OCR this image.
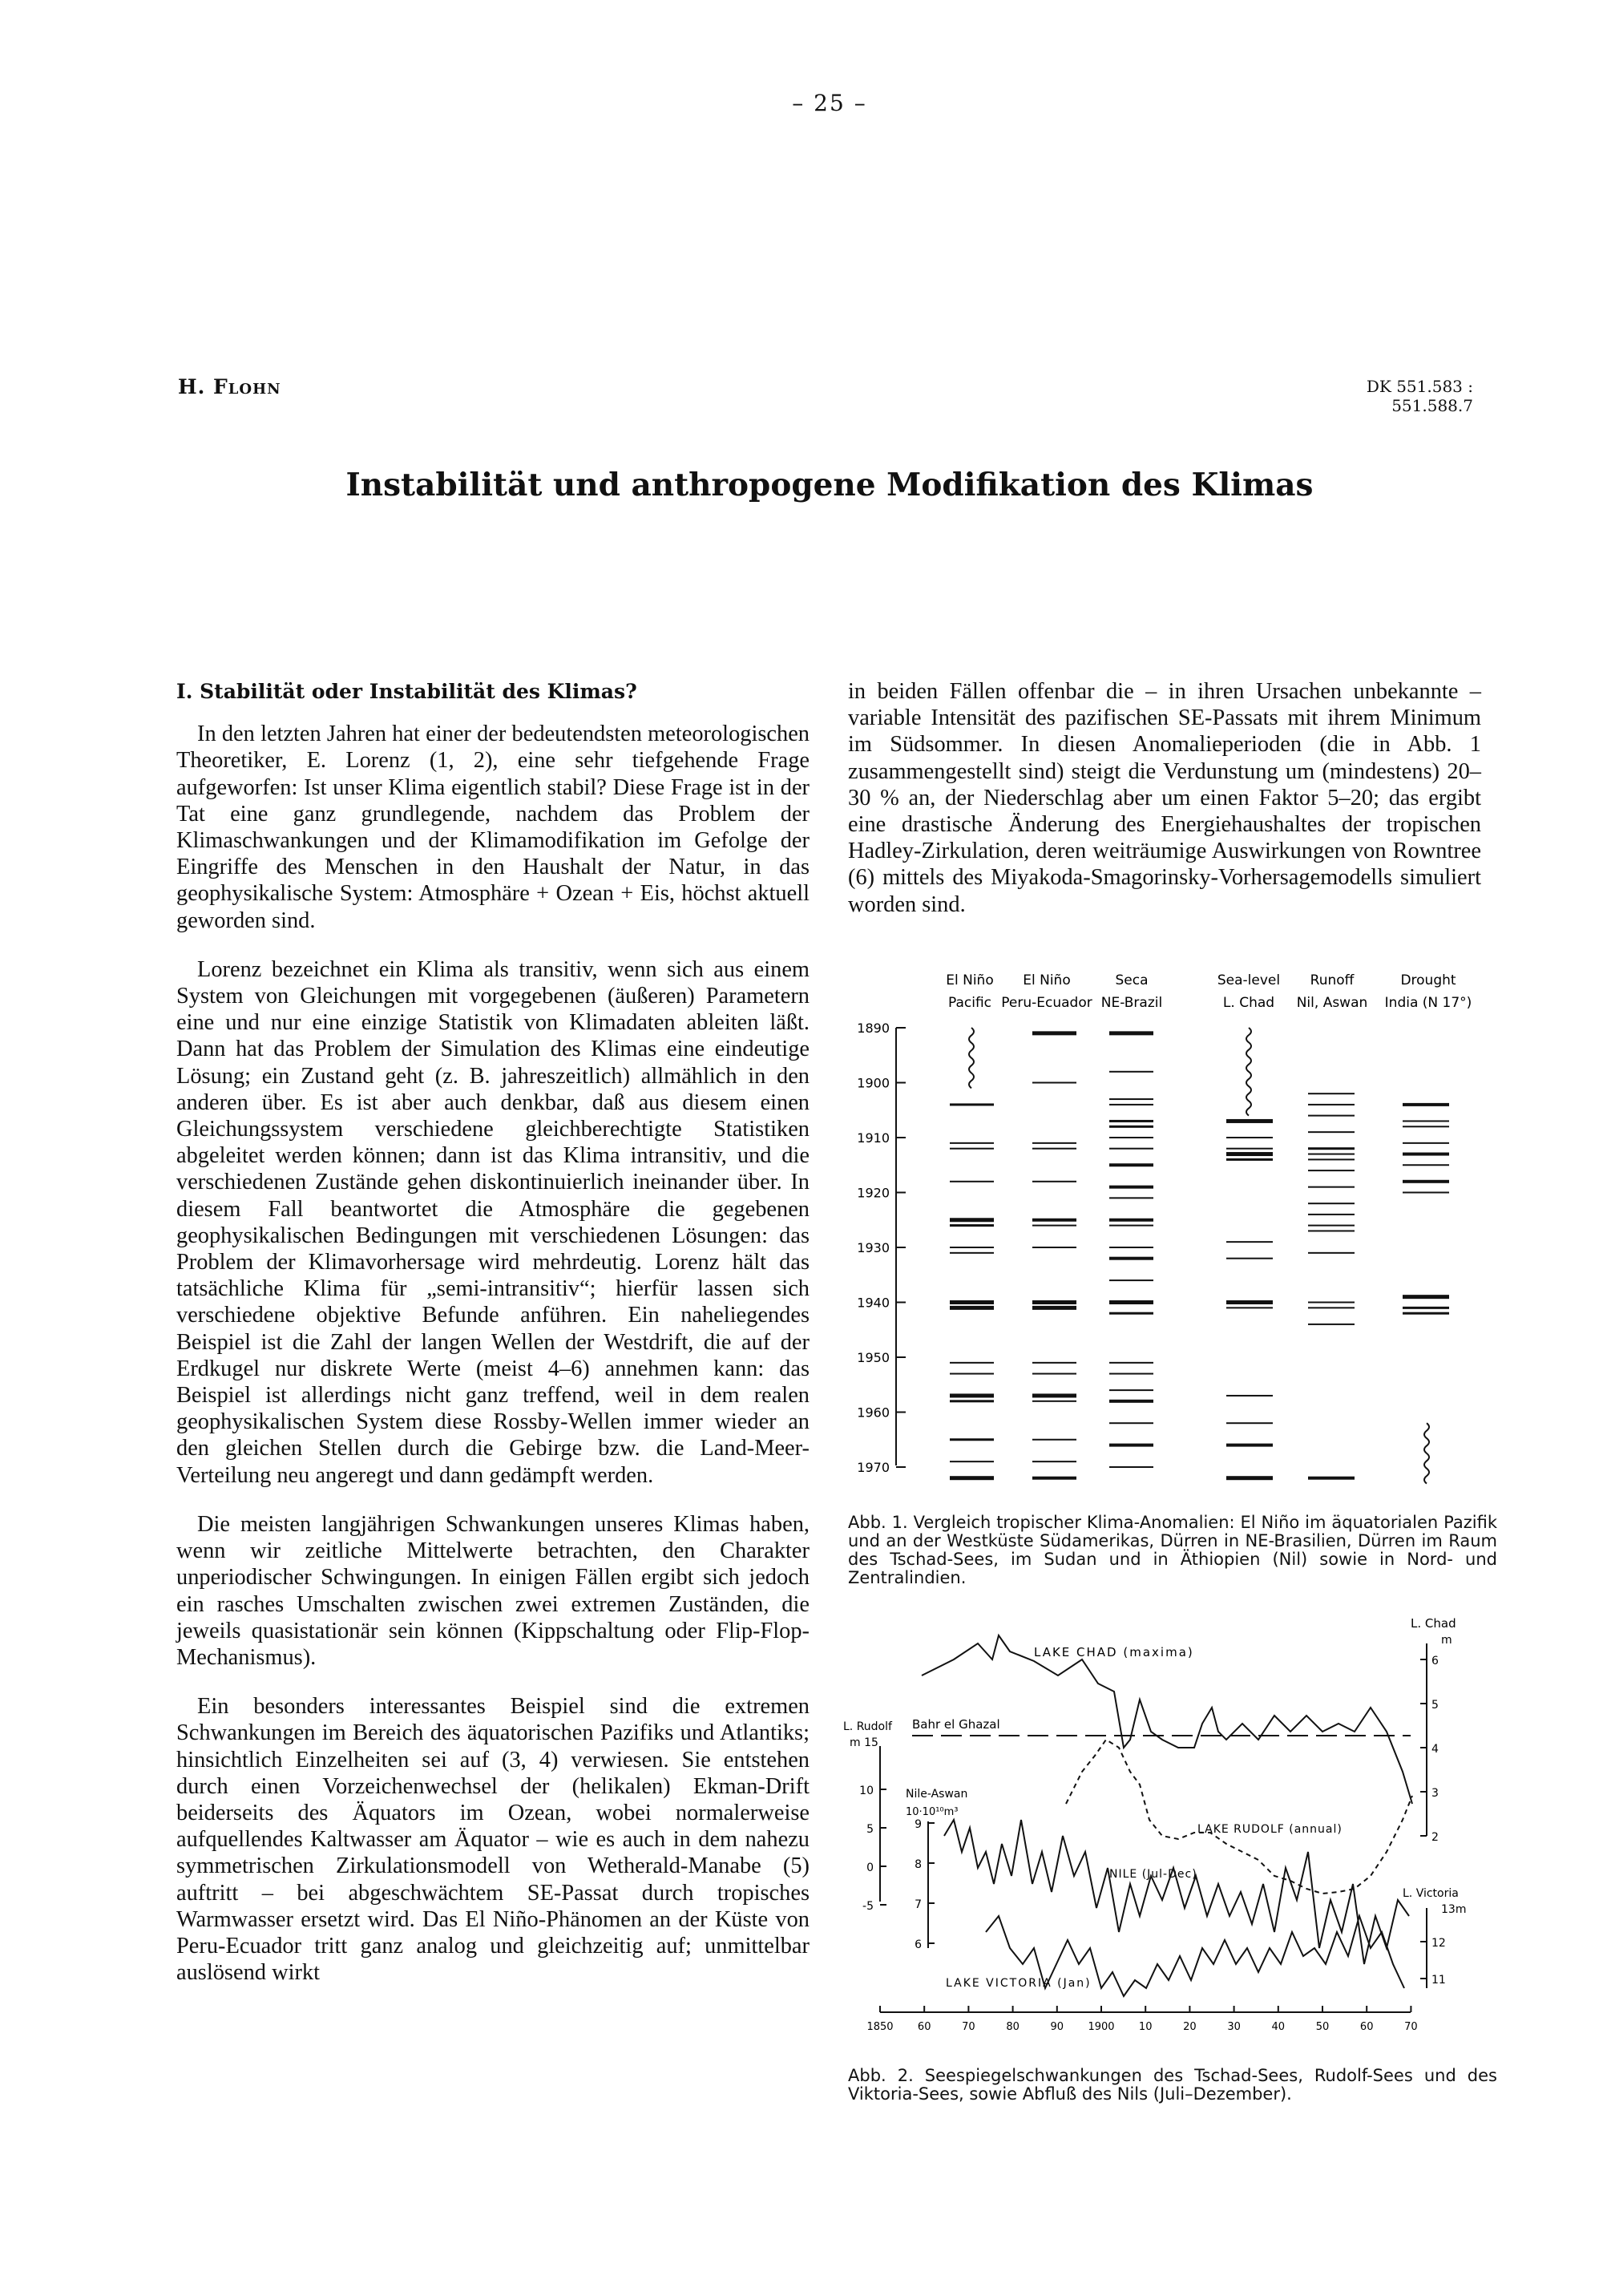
– 25 –
H. Flohn	DK 551.583 : 551.588.7
Instabilität und anthropogene Modifikation des Klimas
I. Stabilität oder Instabilität des Klimas?

In den letzten Jahren hat einer der bedeutendsten meteorologischen Theoretiker, E. Lorenz (1, 2), eine sehr tiefgehende Frage aufgeworfen: Ist unser Klima eigentlich stabil? Diese Frage ist in der Tat eine ganz grundlegende, nachdem das Problem der Klimaschwankungen und der Klimamodifikation im Gefolge der Eingriffe des Menschen in den Haushalt der Natur, in das geophysikalische System: Atmosphäre + Ozean + Eis, höchst aktuell geworden sind.

Lorenz bezeichnet ein Klima als transitiv, wenn sich aus einem System von Gleichungen mit vorgegebenen (äußeren) Parametern eine und nur eine einzige Statistik von Klimadaten ableiten läßt. Dann hat das Problem der Simulation des Klimas eine eindeutige Lösung; ein Zustand geht (z. B. jahreszeitlich) allmählich in den anderen über. Es ist aber auch denkbar, daß aus diesem einen Gleichungssystem verschiedene gleichberechtigte Statistiken abgeleitet werden können; dann ist das Klima intransitiv, und die verschiedenen Zustände gehen diskontinuierlich ineinander über. In diesem Fall beantwortet die Atmosphäre die gegebenen geophysikalischen Bedingungen mit verschiedenen Lösungen: das Problem der Klimavorhersage wird mehrdeutig. Lorenz hält das tatsächliche Klima für „semi-intransitiv“; hierfür lassen sich verschiedene objektive Befunde anführen. Ein naheliegendes Beispiel ist die Zahl der langen Wellen der Westdrift, die auf der Erdkugel nur diskrete Werte (meist 4–6) annehmen kann: das Beispiel ist allerdings nicht ganz treffend, weil in dem realen geophysikalischen System diese Rossby-Wellen immer wieder an den gleichen Stellen durch die Gebirge bzw. die Land-Meer-Verteilung neu angeregt und dann gedämpft werden.

Die meisten langjährigen Schwankungen unseres Klimas haben, wenn wir zeitliche Mittelwerte betrachten, den Charakter unperiodischer Schwingungen. In einigen Fällen ergibt sich jedoch ein rasches Umschalten zwischen zwei extremen Zuständen, die jeweils quasistationär sein können (Kippschaltung oder Flip-Flop-Mechanismus).

Ein besonders interessantes Beispiel sind die extremen Schwankungen im Bereich des äquatorischen Pazifiks und Atlantiks; hinsichtlich Einzelheiten sei auf (3, 4) verwiesen. Sie entstehen durch einen Vorzeichenwechsel der (helikalen) Ekman-Drift beiderseits des Äquators im Ozean, wobei normalerweise aufquellendes Kaltwasser am Äquator – wie es auch in dem nahezu symmetrischen Zirkulationsmodell von Wetherald-Manabe (5) auftritt – bei abgeschwächtem SE-Passat durch tropisches Warmwasser ersetzt wird. Das El Niño-Phänomen an der Küste von Peru-Ecuador tritt ganz analog und gleichzeitig auf; unmittelbar auslösend wirkt

in beiden Fällen offenbar die – in ihren Ursachen unbekannte – variable Intensität des pazifischen SE-Passats mit ihrem Minimum im Südsommer. In diesen Anomalieperioden (die in Abb. 1 zusammengestellt sind) steigt die Verdunstung um (mindestens) 20–30 % an, der Niederschlag aber um einen Faktor 5–20; das ergibt eine drastische Änderung des Energiehaushaltes der tropischen Hadley-Zirkulation, deren weiträumige Auswirkungen von Rowntree (6) mittels des Miyakoda-Smagorinsky-Vorhersagemodells simuliert worden sind.

El Niño
Pacific
El Niño
Peru-Ecuador
Seca
NE-Brazil
Sea-level
L. Chad
Runoff
Nil, Aswan
Drought
India (N 17°)
1890
1900
1910
1920
1930
1940
1950
1960
1970
Abb. 1. Vergleich tropischer Klima-Anomalien: El Niño im äquatorialen Pazifik und an der Westküste Südamerikas, Dürren in NE-Brasilien, Dürren im Raum des Tschad-Sees, im Sudan und in Äthiopien (Nil) sowie in Nord- und Zentralindien.
L. Chad
m
LAKE CHAD (maxima)
Bahr el Ghazal
L. Rudolf
m 15
Nile-Aswan
10·10¹⁰m³
LAKE RUDOLF (annual)
NILE (Jul-Dec)
L. Victoria
13m
LAKE VICTORIA (Jan)
1850 60	70	80	90 1900 10	20	30	40	50	60	70
6
5
4
3
2
12
11
10
5
0
-5
9
8
7
6
Abb. 2. Seespiegelschwankungen des Tschad-Sees, Rudolf-Sees und des Viktoria-Sees, sowie Abfluß des Nils (Juli–Dezember).
